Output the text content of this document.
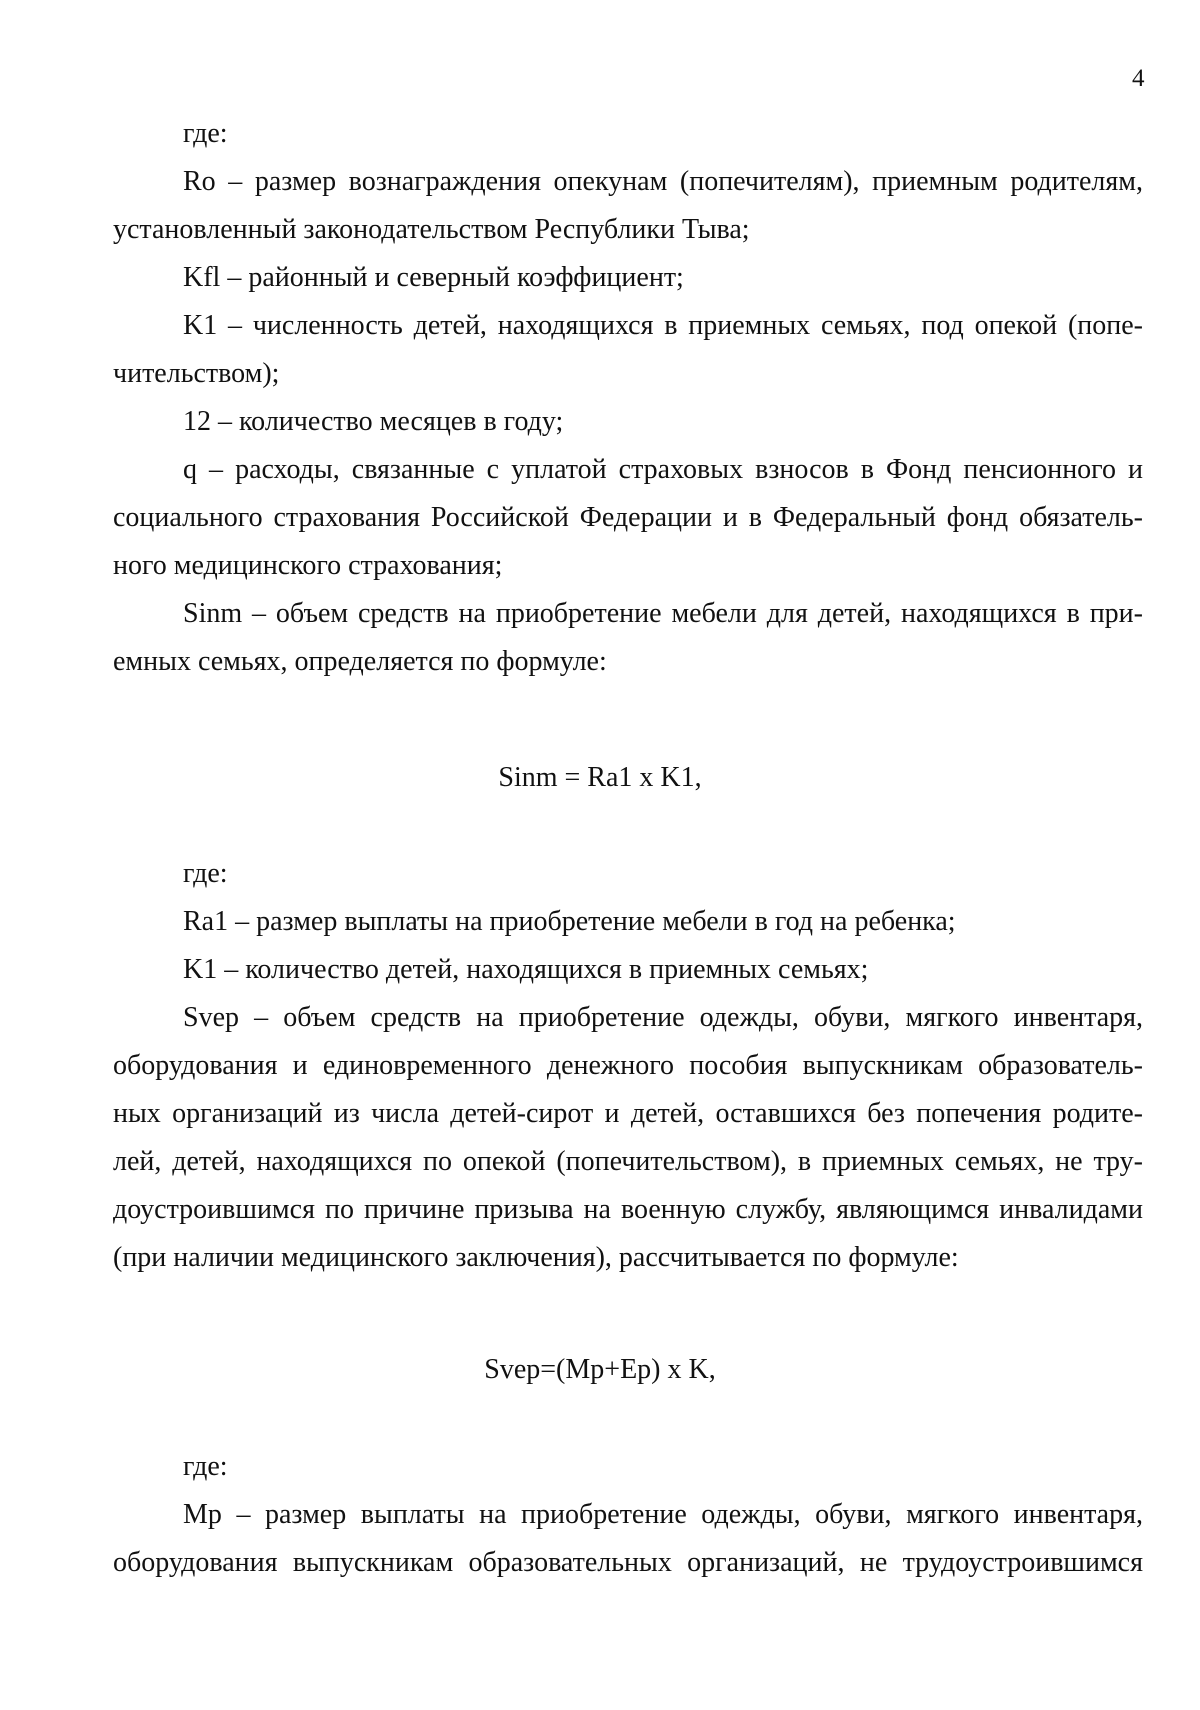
4
где:
Ro – размер вознаграждения опекунам (попечителям), приемным родителям,
установленный законодательством Республики Тыва;
Kfl – районный и северный коэффициент;
K1 – численность детей, находящихся в приемных семьях, под опекой (попе-
чительством);
12 – количество месяцев в году;
q – расходы, связанные с уплатой страховых взносов в Фонд пенсионного и
социального страхования Российской Федерации и в Федеральный фонд обязатель-
ного медицинского страхования;
Sinm – объем средств на приобретение мебели для детей, находящихся в при-
емных семьях, определяется по формуле:
Sinm = Ra1 x K1,
где:
Ra1 – размер выплаты на приобретение мебели в год на ребенка;
K1 – количество детей, находящихся в приемных семьях;
Svep – объем средств на приобретение одежды, обуви, мягкого инвентаря,
оборудования и единовременного денежного пособия выпускникам образователь-
ных организаций из числа детей-сирот и детей, оставшихся без попечения родите-
лей, детей, находящихся по опекой (попечительством), в приемных семьях, не тру-
доустроившимся по причине призыва на военную службу, являющимся инвалидами
(при наличии медицинского заключения), рассчитывается по формуле:
Svep=(Mp+Ep) x K,
где:
Mp – размер выплаты на приобретение одежды, обуви, мягкого инвентаря,
оборудования выпускникам образовательных организаций, не трудоустроившимся
